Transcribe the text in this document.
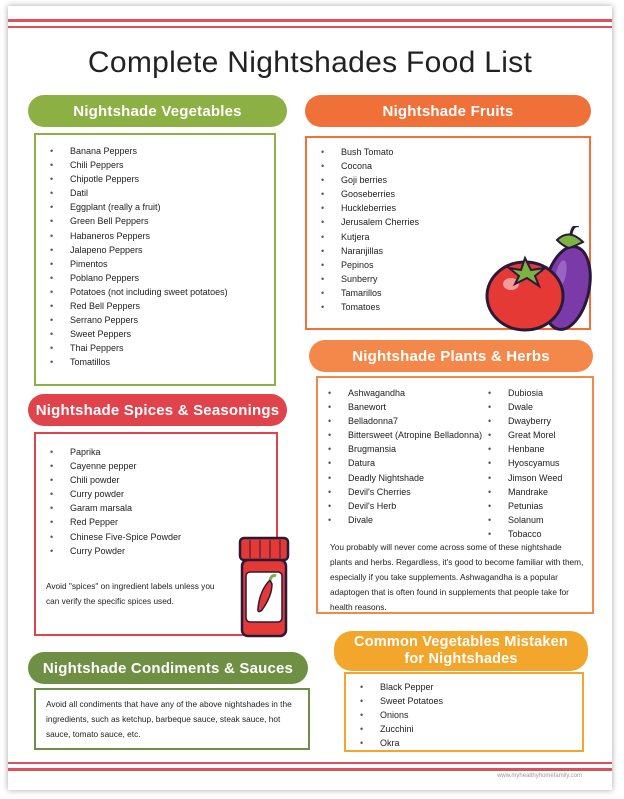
Complete Nightshades Food List
Nightshade Vegetables
• Banana Peppers
• Chili Peppers
• Chipotle Peppers
• Datil
• Eggplant (really a fruit)
• Green Bell Peppers
• Habaneros Peppers
• Jalapeno Peppers
• Pimentos
• Poblano Peppers
• Potatoes (not including sweet potatoes)
• Red Bell Peppers
• Serrano Peppers
• Sweet Peppers
• Thai Peppers
• Tomatillos
Nightshade Fruits
• Bush Tomato
• Cocona
• Goji berries
• Gooseberries
• Huckleberries
• Jerusalem Cherries
• Kutjera
• Naranjillas
• Pepinos
• Sunberry
• Tamarillos
• Tomatoes
Nightshade Spices & Seasonings
• Paprika
• Cayenne pepper
• Chili powder
• Curry powder
• Garam marsala
• Red Pepper
• Chinese Five-Spice Powder
• Curry Powder
Avoid "spices" on ingredient labels unless you can verify the specific spices used.
Nightshade Plants & Herbs
• Ashwagandha
• Banewort
• Belladonna7
• Bittersweet (Atropine Belladonna)
• Brugmansia
• Datura
• Deadly Nightshade
• Devil's Cherries
• Devil's Herb
• Divale
• Dubiosia
• Dwale
• Dwayberry
• Great Morel
• Henbane
• Hyoscyamus
• Jimson Weed
• Mandrake
• Petunias
• Solanum
• Tobacco
You probably will never come across some of these nightshade plants and herbs. Regardless, it's good to become familiar with them, especially if you take supplements. Ashwagandha is a popular adaptogen that is often found in supplements that people take for health reasons.
Nightshade Condiments & Sauces
Avoid all condiments that have any of the above nightshades in the ingredients, such as ketchup, barbeque sauce, steak sauce, hot sauce, tomato sauce, etc.
Common Vegetables Mistaken
for Nightshades
• Black Pepper
• Sweet Potatoes
• Onions
• Zucchini
• Okra
www.myhealthyhomefamily.com
